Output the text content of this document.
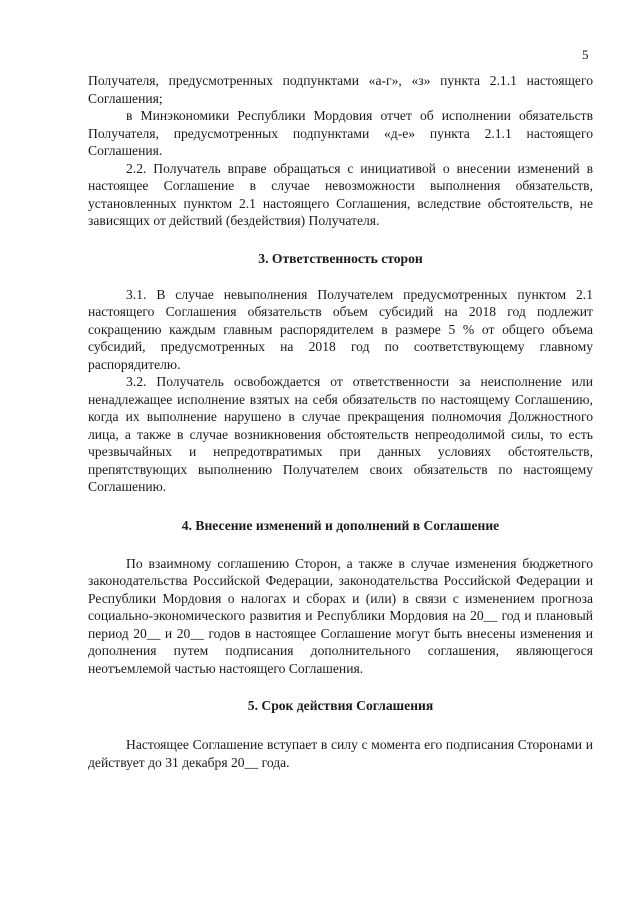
5

Получателя, предусмотренных подпунктами «а-г», «з» пункта 2.1.1 настоящего Соглашения;

в Минэкономики Республики Мордовия отчет об исполнении обязательств Получателя, предусмотренных подпунктами «д-е» пункта 2.1.1 настоящего Соглашения.

2.2. Получатель вправе обращаться с инициативой о внесении изменений в настоящее Соглашение в случае невозможности выполнения обязательств, установленных пунктом 2.1 настоящего Соглашения, вследствие обстоятельств, не зависящих от действий (бездействия) Получателя.

3. Ответственность сторон

3.1. В случае невыполнения Получателем предусмотренных пунктом 2.1 настоящего Соглашения обязательств объем субсидий на 2018 год подлежит сокращению каждым главным распорядителем в размере 5 % от общего объема субсидий, предусмотренных на 2018 год по соответствующему главному распорядителю.

3.2. Получатель освобождается от ответственности за неисполнение или ненадлежащее исполнение взятых на себя обязательств по настоящему Соглашению, когда их выполнение нарушено в случае прекращения полномочия Должностного лица, а также в случае возникновения обстоятельств непреодолимой силы, то есть чрезвычайных и непредотвратимых при данных условиях обстоятельств, препятствующих выполнению Получателем своих обязательств по настоящему Соглашению.

4. Внесение изменений и дополнений в Соглашение

По взаимному соглашению Сторон, а также в случае изменения бюджетного законодательства Российской Федерации, законодательства Российской Федерации и Республики Мордовия о налогах и сборах и (или) в связи с изменением прогноза социально-экономического развития и Республики Мордовия на 20__ год и плановый период 20__ и 20__ годов в настоящее Соглашение могут быть внесены изменения и дополнения путем подписания дополнительного соглашения, являющегося неотъемлемой частью настоящего Соглашения.

5. Срок действия Соглашения

Настоящее Соглашение вступает в силу с момента его подписания Сторонами и действует до 31 декабря 20__ года.
